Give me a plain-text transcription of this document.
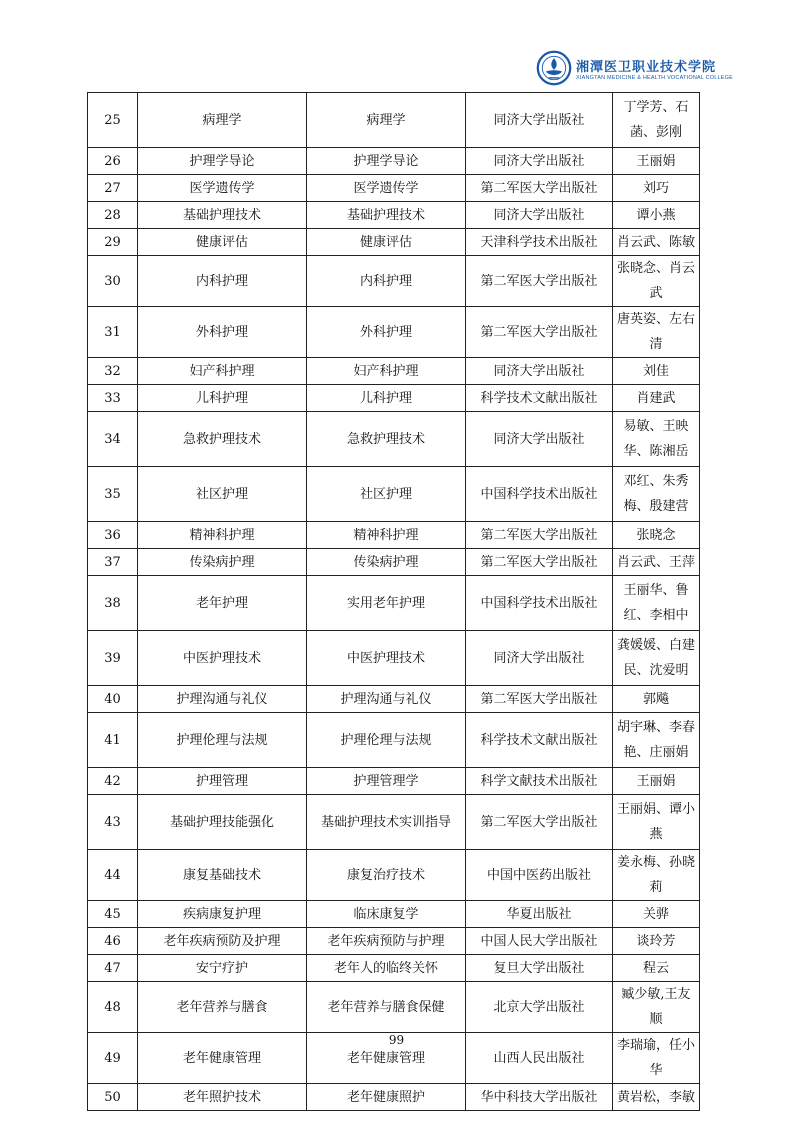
湘潭医卫职业技术学院
XIANGTAN MEDICINE & HEALTH VOCATIONAL COLLEGE
25	病理学	病理学	同济大学出版社	丁学芳、石菡、彭刚
26	护理学导论	护理学导论	同济大学出版社	王丽娟
27	医学遗传学	医学遗传学	第二军医大学出版社	刘巧
28	基础护理技术	基础护理技术	同济大学出版社	谭小燕
29	健康评估	健康评估	天津科学技术出版社	肖云武、陈敏
30	内科护理	内科护理	第二军医大学出版社	张晓念、肖云武
31	外科护理	外科护理	第二军医大学出版社	唐英姿、左右清
32	妇产科护理	妇产科护理	同济大学出版社	刘佳
33	儿科护理	儿科护理	科学技术文献出版社	肖建武
34	急救护理技术	急救护理技术	同济大学出版社	易敏、王映华、陈湘岳
35	社区护理	社区护理	中国科学技术出版社	邓红、朱秀梅、殷建营
36	精神科护理	精神科护理	第二军医大学出版社	张晓念
37	传染病护理	传染病护理	第二军医大学出版社	肖云武、王萍
38	老年护理	实用老年护理	中国科学技术出版社	王丽华、鲁红、李相中
39	中医护理技术	中医护理技术	同济大学出版社	龚媛媛、白建民、沈爱明
40	护理沟通与礼仪	护理沟通与礼仪	第二军医大学出版社	郭飚
41	护理伦理与法规	护理伦理与法规	科学技术文献出版社	胡宇琳、李春艳、庄丽娟
42	护理管理	护理管理学	科学文献技术出版社	王丽娟
43	基础护理技能强化	基础护理技术实训指导	第二军医大学出版社	王丽娟、谭小燕
44	康复基础技术	康复治疗技术	中国中医药出版社	姜永梅、孙晓莉
45	疾病康复护理	临床康复学	华夏出版社	关骅
46	老年疾病预防及护理	老年疾病预防与护理	中国人民大学出版社	谈玲芳
47	安宁疗护	老年人的临终关怀	复旦大学出版社	程云
48	老年营养与膳食	老年营养与膳食保健	北京大学出版社	臧少敏,王友顺
49	老年健康管理	老年健康管理	山西人民出版社	李瑞瑜，任小华
50	老年照护技术	老年健康照护	华中科技大学出版社	黄岩松，李敏
99
